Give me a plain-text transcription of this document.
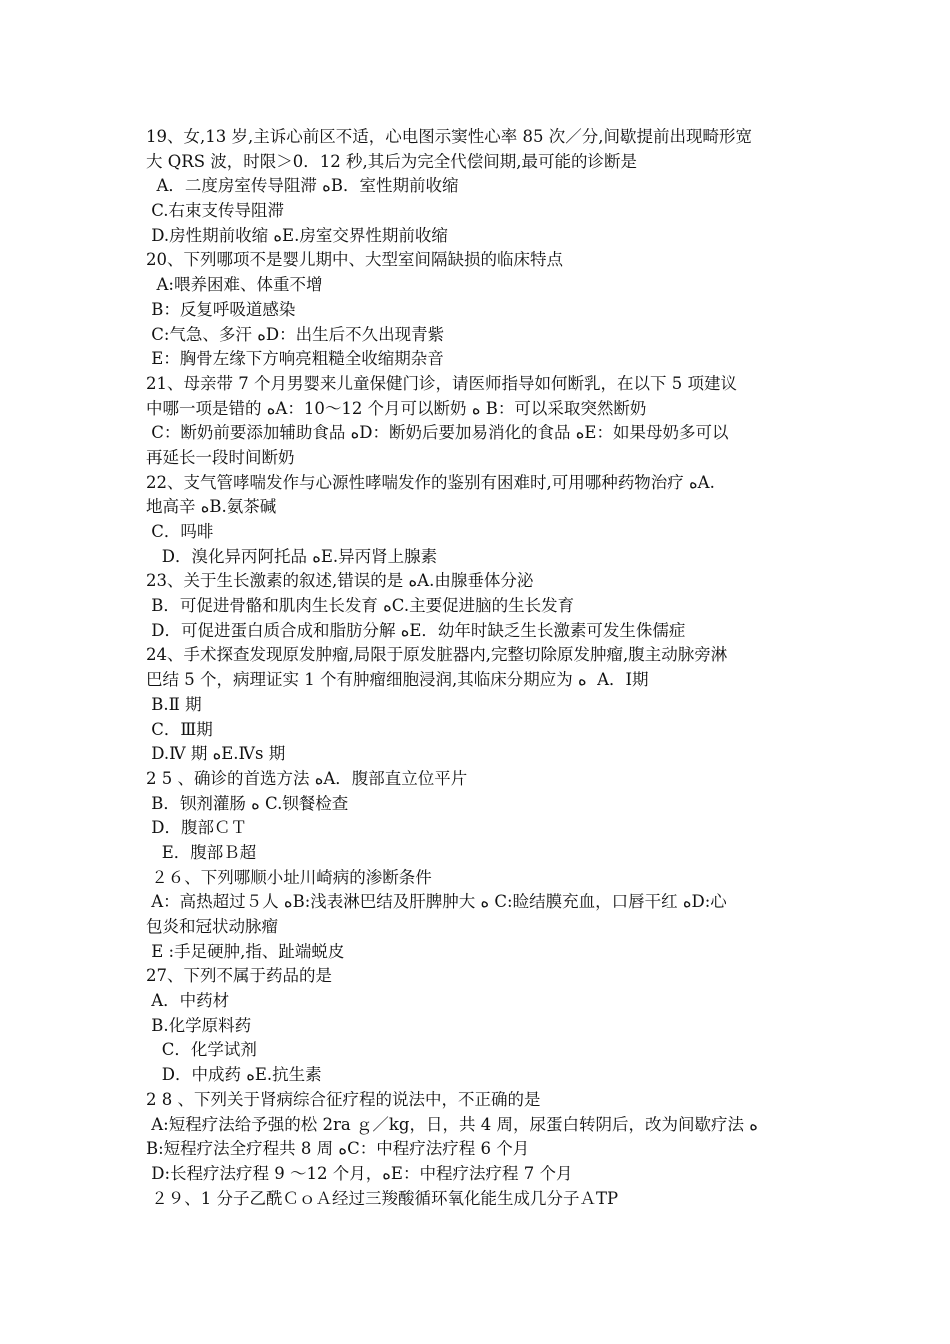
19、女,13 岁,主诉心前区不适，心电图示窦性心率 85 次／分,间歇提前出现畸形宽
大 QRS 波，时限＞0．12 秒,其后为完全代偿间期,最可能的诊断是
A．二度房室传导阻滞 ﻩB．室性期前收缩
C.右束支传导阻滞
D.房性期前收缩 ﻩE.房室交界性期前收缩
20、下列哪项不是婴儿期中、大型室间隔缺损的临床特点
A:喂养困难、体重不增
B：反复呼吸道感染
C:气急、多汗 ﻩD：出生后不久出现青紫
E：胸骨左缘下方响亮粗糙全收缩期杂音
21、母亲带 7 个月男婴来儿童保健门诊，请医师指导如何断乳，在以下 5 项建议
中哪一项是错的 ﻩA：10～12 个月可以断奶 ﻩ B：可以采取突然断奶
C：断奶前要添加辅助食品 ﻩD：断奶后要加易消化的食品 ﻩE：如果母奶多可以
再延长一段时间断奶
22、支气管哮喘发作与心源性哮喘发作的鉴别有困难时,可用哪种药物治疗 ﻩA.
地高辛 ﻩB.氨茶碱
C．吗啡
D．溴化异丙阿托品 ﻩE.异丙肾上腺素
23、关于生长激素的叙述,错误的是 ﻩA.由腺垂体分泌
B．可促进骨骼和肌肉生长发育 ﻩC.主要促进脑的生长发育
D．可促进蛋白质合成和脂肪分解 ﻩE．幼年时缺乏生长激素可发生侏儒症
24、手术探查发现原发肿瘤,局限于原发脏器内,完整切除原发肿瘤,腹主动脉旁淋
巴结 5 个，病理证实 1 个有肿瘤细胞浸润,其临床分期应为 ﻩ  A．Ⅰ期
B.Ⅱ 期
C．Ⅲ期
D.Ⅳ 期 ﻩE.Ⅳs 期
2 5 、确诊的首选方法 ﻩA．腹部直立位平片
B．钡剂灌肠 ﻩ C.钡餐检查
D．腹部ＣＴ
E．腹部Ｂ超
２６、下列哪顺小址川崎病的渗断条件
A：高热超过５人 ﻩB:浅表淋巴结及肝脾肿大 ﻩ C:睑结膜充血，口唇干红 ﻩD:心
包炎和冠状动脉瘤
E :手足硬肿,指、趾端蜕皮
27、下列不属于药品的是
A．中药材
B.化学原料药
C．化学试剂
D．中成药 ﻩE.抗生素
2 8 、下列关于肾病综合征疗程的说法中，不正确的是
A:短程疗法给予强的松 2ra ｇ／kg，日，共 4 周，尿蛋白转阴后，改为间歇疗法 ﻩ
B:短程疗法全疗程共 8 周 ﻩC：中程疗法疗程 6 个月
D:长程疗法疗程 9 ～12 个月，ﻩE：中程疗法疗程 7 个月
２９、1 分子乙酰ＣｏＡ经过三羧酸循环氧化能生成几分子ＡTP
